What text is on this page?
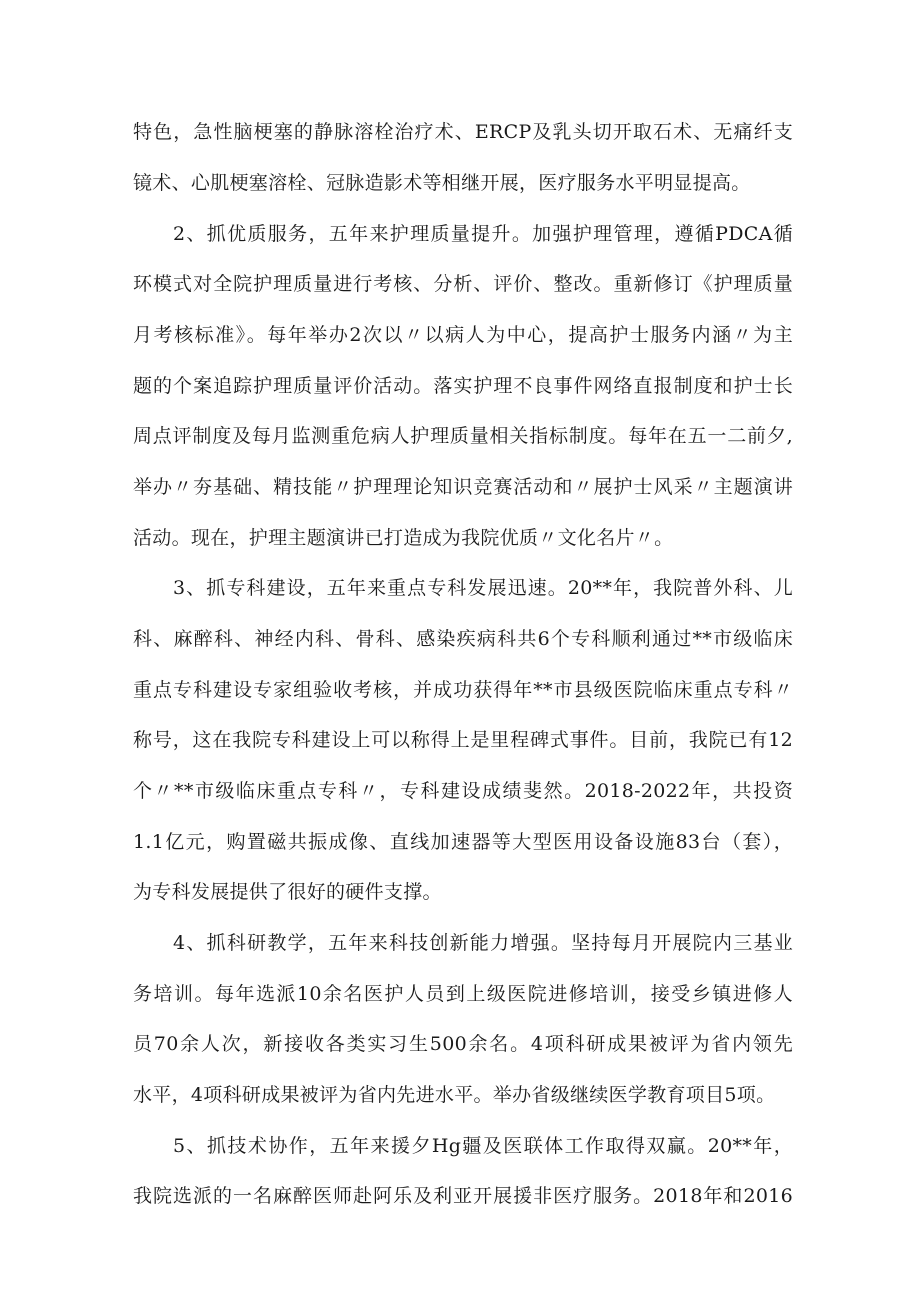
特色，急性脑梗塞的静脉溶栓治疗术、ERCP及乳头切开取石术、无痛纤支
镜术、心肌梗塞溶栓、冠脉造影术等相继开展，医疗服务水平明显提高。
2、抓优质服务，五年来护理质量提升。加强护理管理，遵循PDCA循
环模式对全院护理质量进行考核、分析、评价、整改。重新修订《护理质量
月考核标准》。每年举办2次以〃以病人为中心，提高护士服务内涵〃为主
题的个案追踪护理质量评价活动。落实护理不良事件网络直报制度和护士长
周点评制度及每月监测重危病人护理质量相关指标制度。每年在五一二前夕,
举办〃夯基础、精技能〃护理理论知识竞赛活动和〃展护士风采〃主题演讲
活动。现在，护理主题演讲已打造成为我院优质〃文化名片〃。
3、抓专科建设，五年来重点专科发展迅速。20**年，我院普外科、儿
科、麻醉科、神经内科、骨科、感染疾病科共6个专科顺利通过**市级临床
重点专科建设专家组验收考核，并成功获得年**市县级医院临床重点专科〃
称号，这在我院专科建设上可以称得上是里程碑式事件。目前，我院已有12
个〃**市级临床重点专科〃，专科建设成绩斐然。2018-2022年，共投资
1.1亿元，购置磁共振成像、直线加速器等大型医用设备设施83台（套），
为专科发展提供了很好的硬件支撑。
4、抓科研教学，五年来科技创新能力增强。坚持每月开展院内三基业
务培训。每年选派10余名医护人员到上级医院进修培训，接受乡镇进修人
员70余人次，新接收各类实习生500余名。4项科研成果被评为省内领先
水平，4项科研成果被评为省内先进水平。举办省级继续医学教育项目5项。
5、抓技术协作，五年来援夕Hg疆及医联体工作取得双赢。20**年，
我院选派的一名麻醉医师赴阿乐及利亚开展援非医疗服务。2018年和2016
